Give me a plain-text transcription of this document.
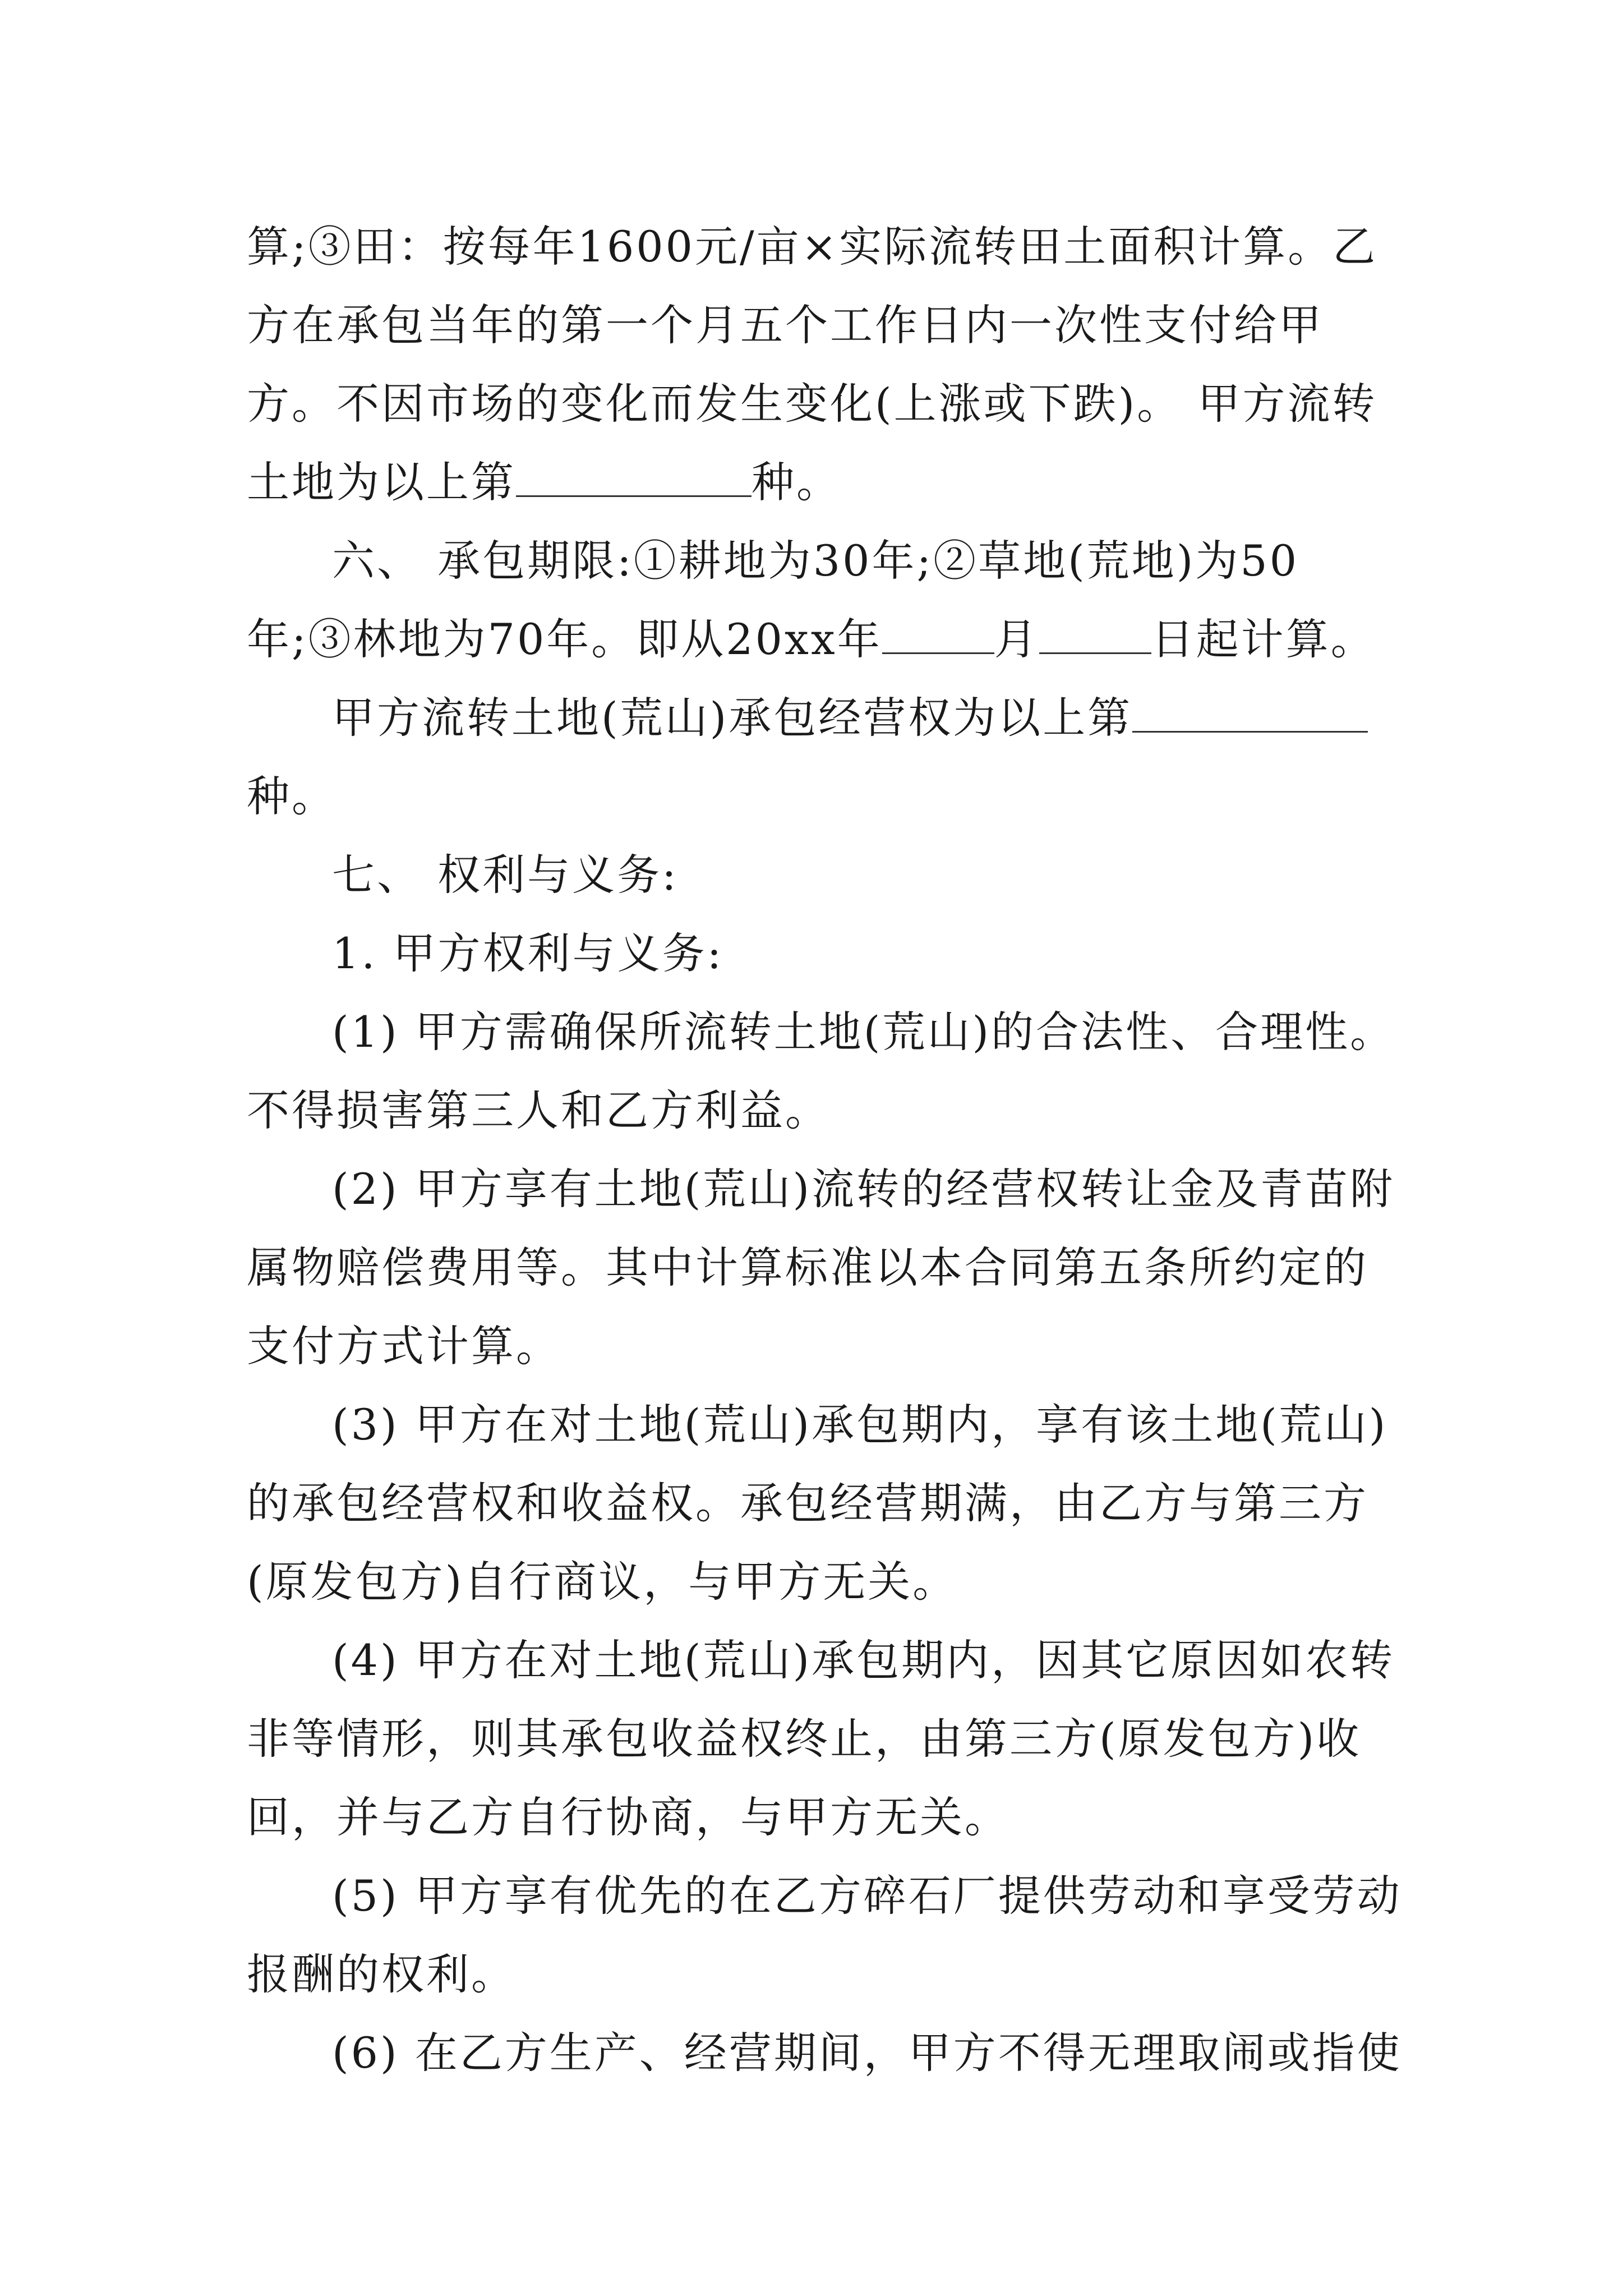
算;③田：按每年1600元/亩×实际流转田土面积计算。乙方在承包当年的第一个月五个工作日内一次性支付给甲方。不因市场的变化而发生变化(上涨或下跌)。 甲方流转土地为以上第	种。

六、 承包期限:①耕地为30年;②草地(荒地)为50年;③林地为70年。即从20xx年	月	日起计算。

甲方流转土地(荒山)承包经营权为以上第种。

七、 权利与义务:

1. 甲方权利与义务:

(1) 甲方需确保所流转土地(荒山)的合法性、合理性。不得损害第三人和乙方利益。

(2) 甲方享有土地(荒山)流转的经营权转让金及青苗附属物赔偿费用等。其中计算标准以本合同第五条所约定的支付方式计算。

(3) 甲方在对土地(荒山)承包期内，享有该土地(荒山)的承包经营权和收益权。承包经营期满，由乙方与第三方(原发包方)自行商议，与甲方无关。

(4) 甲方在对土地(荒山)承包期内，因其它原因如农转非等情形，则其承包收益权终止，由第三方(原发包方)收回，并与乙方自行协商，与甲方无关。

(5) 甲方享有优先的在乙方碎石厂提供劳动和享受劳动报酬的权利。

(6) 在乙方生产、经营期间，甲方不得无理取闹或指使
